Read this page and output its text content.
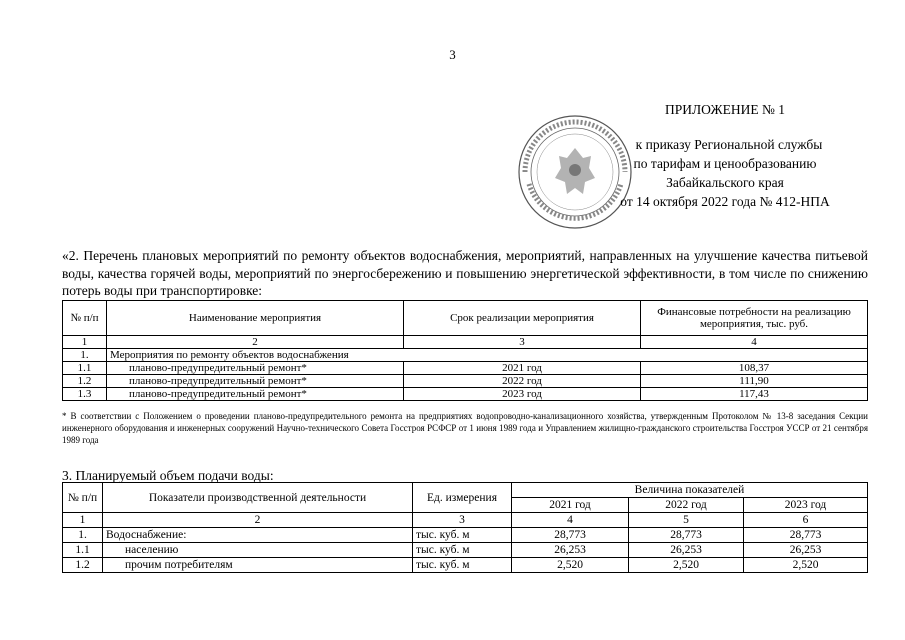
3
ПРИЛОЖЕНИЕ № 1
к приказу Региональной службы
по тарифам и ценообразованию
Забайкальского края
от 14 октября 2022 года № 412-НПА
«2. Перечень плановых мероприятий по ремонту объектов водоснабжения, мероприятий, направленных на улучшение качества питьевой воды, качества горячей воды, мероприятий по энергосбережению и повышению энергетической эффективности, в том числе по снижению потерь воды при транспортировке:
№ п/п	Наименование мероприятия	Срок реализации мероприятия	Финансовые потребности на реализацию мероприятия, тыс. руб.
1	2	3	4
1.	Мероприятия по ремонту объектов водоснабжения		
1.1	планово-предупредительный ремонт*	2021 год	108,37
1.2	планово-предупредительный ремонт*	2022 год	111,90
1.3	планово-предупредительный ремонт*	2023 год	117,43
* В соответствии с Положением о проведении планово-предупредительного ремонта на предприятиях водопроводно-канализационного хозяйства, утвержденным Протоколом № 13-8 заседания Секции инженерного оборудования и инженерных сооружений Научно-технического Совета Госстроя РСФСР от 1 июня 1989 года и Управлением жилищно-гражданского строительства Госстроя УССР от 21 сентября 1989 года
3. Планируемый объем подачи воды:
№ п/п	Показатели производственной деятельности	Ед. измерения	Величина показателей		
			2021 год	2022 год	2023 год
1	2	3	4	5	6
1.	Водоснабжение:	тыс. куб. м	28,773	28,773	28,773
1.1	населению	тыс. куб. м	26,253	26,253	26,253
1.2	прочим потребителям	тыс. куб. м	2,520	2,520	2,520
